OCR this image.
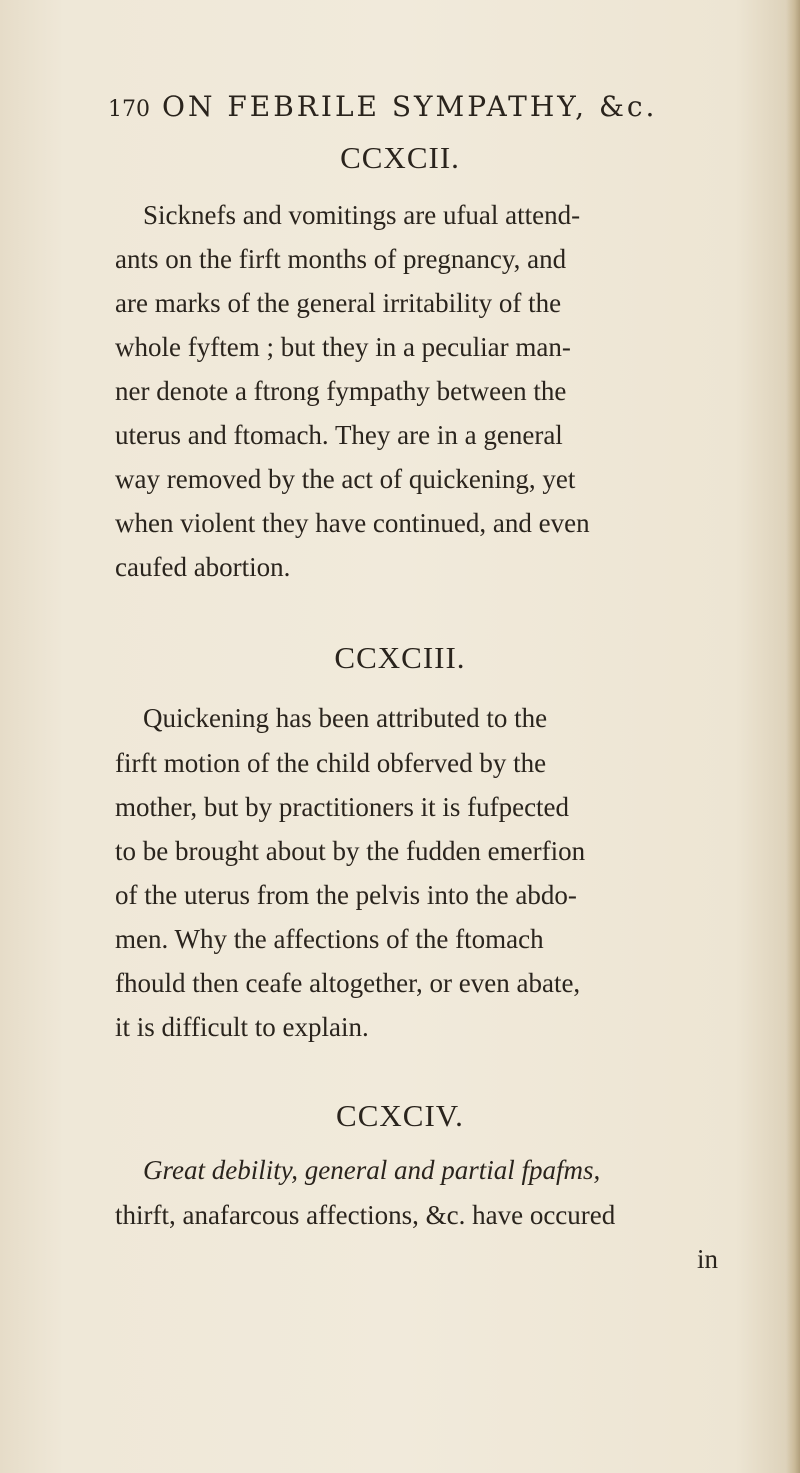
170 ON FEBRILE SYMPATHY, &c.
CCXCII.
Sicknefs and vomitings are ufual attend-
ants on the firft months of pregnancy, and
are marks of the general irritability of the
whole fyftem ; but they in a peculiar man-
ner denote a ftrong fympathy between the
uterus and ftomach. They are in a general
way removed by the act of quickening, yet
when violent they have continued, and even
caufed abortion.
CCXCIII.
Quickening has been attributed to the
firft motion of the child obferved by the
mother, but by practitioners it is fufpected
to be brought about by the fudden emerfion
of the uterus from the pelvis into the abdo-
men. Why the affections of the ftomach
fhould then ceafe altogether, or even abate,
it is difficult to explain.
CCXCIV.
Great debility, general and partial fpafms,
thirft, anafarcous affections, &c. have occured
in
